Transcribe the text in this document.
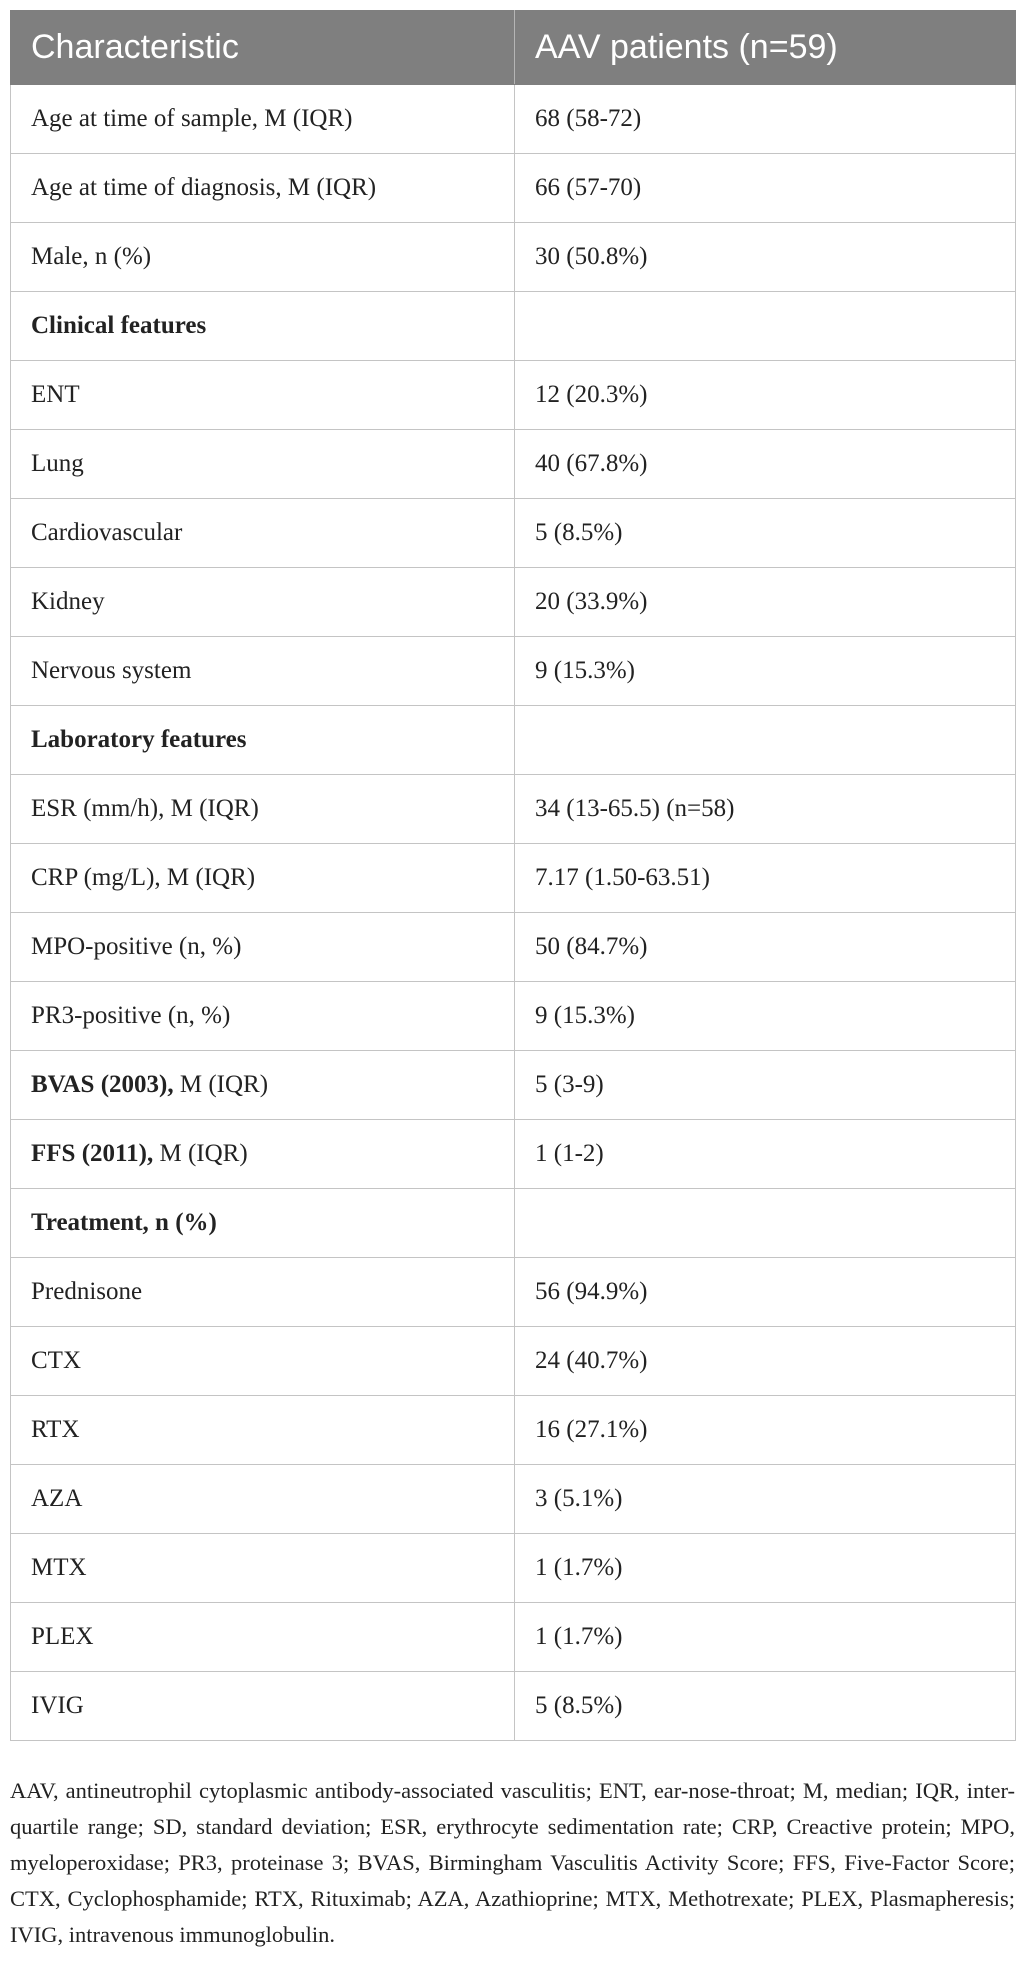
Characteristic	AAV patients (n=59)
Age at time of sample, M (IQR)	68 (58-72)
Age at time of diagnosis, M (IQR)	66 (57-70)
Male, n (%)	30 (50.8%)
Clinical features	
ENT	12 (20.3%)
Lung	40 (67.8%)
Cardiovascular	5 (8.5%)
Kidney	20 (33.9%)
Nervous system	9 (15.3%)
Laboratory features	
ESR (mm/h), M (IQR)	34 (13-65.5) (n=58)
CRP (mg/L), M (IQR)	7.17 (1.50-63.51)
MPO-positive (n, %)	50 (84.7%)
PR3-positive (n, %)	9 (15.3%)
BVAS (2003), M (IQR)	5 (3-9)
FFS (2011), M (IQR)	1 (1-2)
Treatment, n (%)	
Prednisone	56 (94.9%)
CTX	24 (40.7%)
RTX	16 (27.1%)
AZA	3 (5.1%)
MTX	1 (1.7%)
PLEX	1 (1.7%)
IVIG	5 (8.5%)

AAV, antineutrophil cytoplasmic antibody-associated vasculitis; ENT, ear-nose-throat; M, median; IQR, inter-quartile range; SD, standard deviation; ESR, erythrocyte sedimentation rate; CRP, Creactive protein; MPO, myeloperoxidase; PR3, proteinase 3; BVAS, Birmingham Vasculitis Activity Score; FFS, Five-Factor Score; CTX, Cyclophosphamide; RTX, Rituximab; AZA, Azathioprine; MTX, Methotrexate; PLEX, Plasmapheresis; IVIG, intravenous immunoglobulin.
